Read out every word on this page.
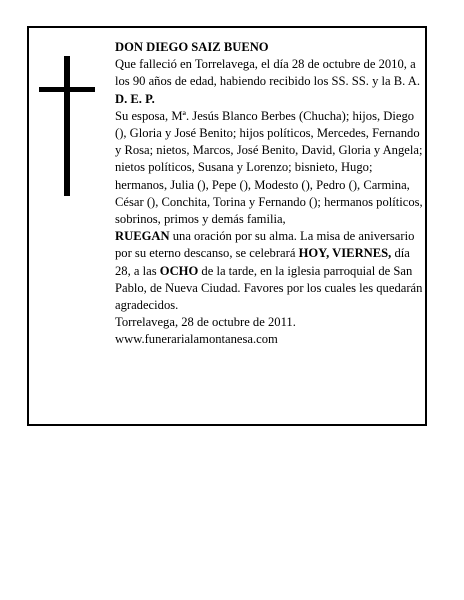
DON DIEGO SAIZ BUENO

Que falleció en Torrelavega, el día 28 de octubre de 2010, a los 90 años de edad, habiendo recibido los SS. SS. y la B. A.

D. E. P.

Su esposa, Mª. Jesús Blanco Berbes (Chucha); hijos, Diego (), Gloria y José Benito; hijos políticos, Mercedes, Fernando y Rosa; nietos, Marcos, José Benito, David, Gloria y Angela; nietos políticos, Susana y Lorenzo; bisnieto, Hugo; hermanos, Julia (), Pepe (), Modesto (), Pedro (), Carmina, César (), Conchita, Torina y Fernando (); hermanos políticos, sobrinos, primos y demás familia,

RUEGAN una oración por su alma. La misa de aniversario por su eterno descanso, se celebrará HOY, VIERNES, día 28, a las OCHO de la tarde, en la iglesia parroquial de San Pablo, de Nueva Ciudad. Favores por los cuales les quedarán agradecidos.

Torrelavega, 28 de octubre de 2011.

www.funerarialamontanesa.com
